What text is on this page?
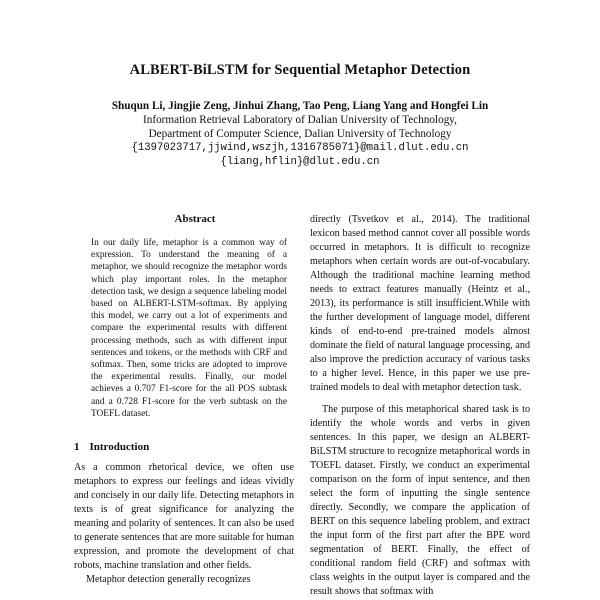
ALBERT-BiLSTM for Sequential Metaphor Detection
Shuqun Li, Jingjie Zeng, Jinhui Zhang, Tao Peng, Liang Yang and Hongfei Lin
Information Retrieval Laboratory of Dalian University of Technology,
Department of Computer Science, Dalian University of Technology
{1397023717,jjwind,wszjh,1316785071}@mail.dlut.edu.cn
{liang,hflin}@dlut.edu.cn
Abstract

In our daily life, metaphor is a common way of expression. To understand the meaning of a metaphor, we should recognize the metaphor words which play important roles. In the metaphor detection task, we design a sequence labeling model based on ALBERT-LSTM-softmax. By applying this model, we carry out a lot of experiments and compare the experimental results with different processing methods, such as with different input sentences and tokens, or the methods with CRF and softmax. Then, some tricks are adopted to improve the experimental results. Finally, our model achieves a 0.707 F1-score for the all POS subtask and a 0.728 F1-score for the verb subtask on the TOEFL dataset.

1 Introduction

As a common rhetorical device, we often use metaphors to express our feelings and ideas vividly and concisely in our daily life. Detecting metaphors in texts is of great significance for analyzing the meaning and polarity of sentences. It can also be used to generate sentences that are more suitable for human expression, and promote the development of chat robots, machine translation and other fields.

Metaphor detection generally recognizes

directly (Tsvetkov et al., 2014). The traditional lexicon based method cannot cover all possible words occurred in metaphors. It is difficult to recognize metaphors when certain words are out-of-vocabulary. Although the traditional machine learning method needs to extract features manually (Heintz et al., 2013), its performance is still insufficient.While with the further development of language model, different kinds of end-to-end pre-trained models almost dominate the field of natural language processing, and also improve the prediction accuracy of various tasks to a higher level. Hence, in this paper we use pre-trained models to deal with metaphor detection task.

The purpose of this metaphorical shared task is to identify the whole words and verbs in given sentences. In this paper, we design an ALBERT-BiLSTM structure to recognize metaphorical words in TOEFL dataset. Firstly, we conduct an experimental comparison on the form of input sentence, and then select the form of inputting the single sentence directly. Secondly, we compare the application of BERT on this sequence labeling problem, and extract the input form of the first part after the BPE word segmentation of BERT. Finally, the effect of conditional random field (CRF) and softmax with class weights in the output layer is compared and the result shows that softmax with
